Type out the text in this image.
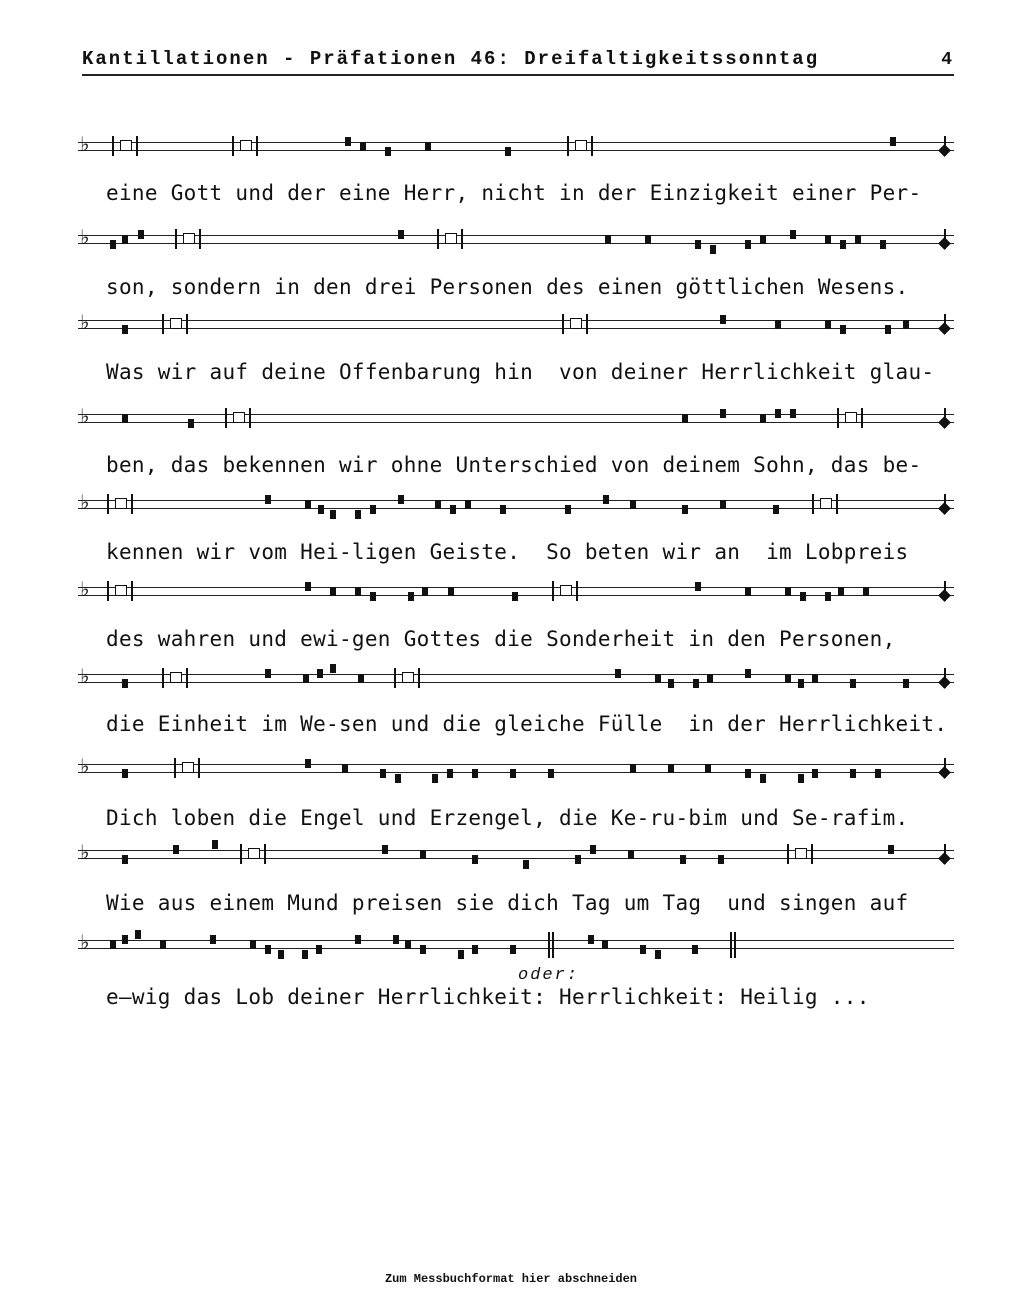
Kantillationen - Präfationen 46: Dreifaltigkeitssonntag	4
♭
eine Gott und der eine Herr, nicht in der Einzigkeit einer Per-
♭
son, sondern in den drei Personen des einen göttlichen Wesens.
♭
Was wir auf deine Offenbarung hin  von deiner Herrlichkeit glau-
♭
ben, das bekennen wir ohne Unterschied von deinem Sohn, das be-
♭
kennen wir vom Hei-ligen Geiste.  So beten wir an  im Lobpreis
♭
des wahren und ewi-gen Gottes die Sonderheit in den Personen,
♭
die Einheit im We-sen und die gleiche Fülle  in der Herrlichkeit.
♭
Dich loben die Engel und Erzengel, die Ke-ru-bim und Se-rafim.
♭
Wie aus einem Mund preisen sie dich Tag um Tag  und singen auf
♭
e—wig das Lob deiner Herrlichkeit: Herrlichkeit: Heilig ...
oder:
Zum Messbuchformat hier abschneiden
